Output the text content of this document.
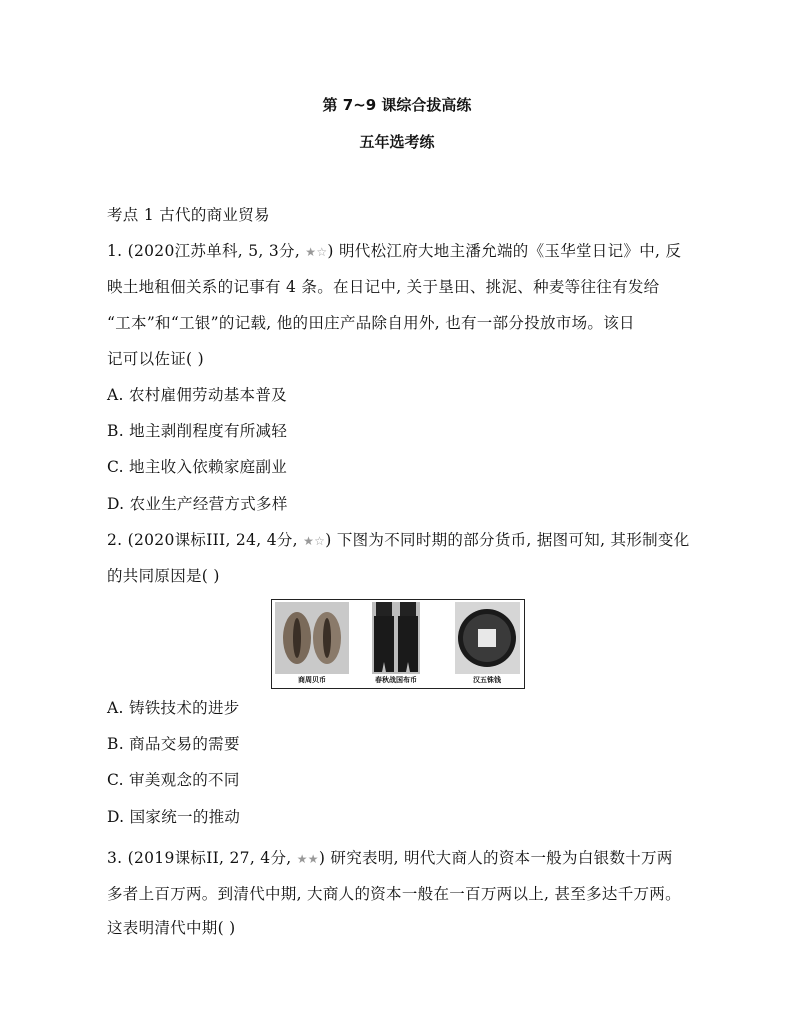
第 7~9 课综合拔高练
五年选考练
考点 1 古代的商业贸易
1. (2020江苏单科, 5, 3分, ★☆) 明代松江府大地主潘允端的《玉华堂日记》中, 反
映土地租佃关系的记事有 4 条。在日记中, 关于垦田、挑泥、种麦等往往有发给
“工本”和“工银”的记载, 他的田庄产品除自用外, 也有一部分投放市场。该日
记可以佐证( )
A. 农村雇佣劳动基本普及
B. 地主剥削程度有所减轻
C. 地主收入依赖家庭副业
D. 农业生产经营方式多样
2. (2020课标III, 24, 4分, ★☆) 下图为不同时期的部分货币, 据图可知, 其形制变化
的共同原因是( )
商周贝币	春秋战国布币	汉五铢钱
A. 铸铁技术的进步
B. 商品交易的需要
C. 审美观念的不同
D. 国家统一的推动
3. (2019课标II, 27, 4分, ★★) 研究表明, 明代大商人的资本一般为白银数十万两
多者上百万两。到清代中期, 大商人的资本一般在一百万两以上, 甚至多达千万两。
这表明清代中期( )
